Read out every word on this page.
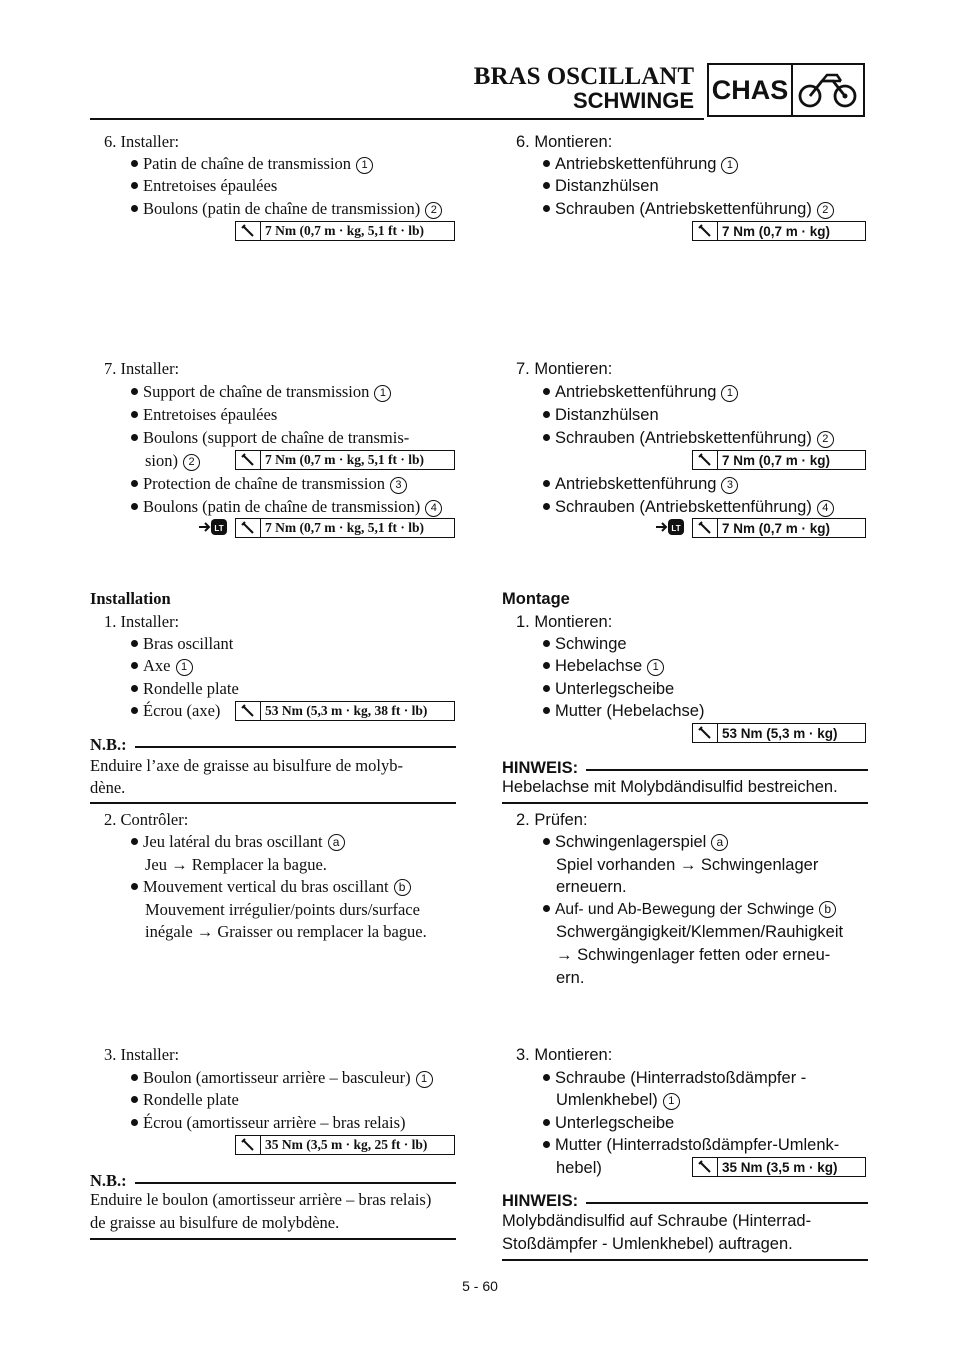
BRAS OSCILLANT
SCHWINGE CHAS
6. Installer:
Patin de chaîne de transmission 1
Entretoises épaulées
Boulons (patin de chaîne de transmission) 2
7 Nm (0,7 m · kg, 5,1 ft · lb)
7. Installer:
Support de chaîne de transmission 1
Entretoises épaulées
Boulons (support de chaîne de transmis-
sion) 2	7 Nm (0,7 m · kg, 5,1 ft · lb)
Protection de chaîne de transmission 3
Boulons (patin de chaîne de transmission) 4
LT	7 Nm (0,7 m · kg, 5,1 ft · lb)
Installation
1. Installer:
Bras oscillant
Axe 1
Rondelle plate
Écrou (axe)	53 Nm (5,3 m · kg, 38 ft · lb)
N.B.:
Enduire l’axe de graisse au bisulfure de molyb-
dène.
2. Contrôler:
Jeu latéral du bras oscillant a
Jeu → Remplacer la bague.
Mouvement vertical du bras oscillant b
Mouvement irrégulier/points durs/surface
inégale → Graisser ou remplacer la bague.
3. Installer:
Boulon (amortisseur arrière – basculeur) 1
Rondelle plate
Écrou (amortisseur arrière – bras relais)
35 Nm (3,5 m · kg, 25 ft · lb)
N.B.:
Enduire le boulon (amortisseur arrière – bras relais)
de graisse au bisulfure de molybdène.
6. Montieren:
Antriebskettenführung 1
Distanzhülsen
Schrauben (Antriebskettenführung) 2
7 Nm (0,7 m · kg)
7. Montieren:
Antriebskettenführung 1
Distanzhülsen
Schrauben (Antriebskettenführung) 2
7 Nm (0,7 m · kg)
Antriebskettenführung 3
Schrauben (Antriebskettenführung) 4
LT	7 Nm (0,7 m · kg)
Montage
1. Montieren:
Schwinge
Hebelachse 1
Unterlegscheibe
Mutter (Hebelachse)
53 Nm (5,3 m · kg)
HINWEIS:
Hebelachse mit Molybdändisulfid bestreichen.
2. Prüfen:
Schwingenlagerspiel a
Spiel vorhanden → Schwingenlager
erneuern.
Auf- und Ab-Bewegung der Schwinge b
Schwergängigkeit/Klemmen/Rauhigkeit
→ Schwingenlager fetten oder erneu-
ern.
3. Montieren:
Schraube (Hinterradstoßdämpfer -
Umlenkhebel) 1
Unterlegscheibe
Mutter (Hinterradstoßdämpfer-Umlenk-
hebel)	35 Nm (3,5 m · kg)
HINWEIS:
Molybdändisulfid auf Schraube (Hinterrad-
Stoßdämpfer - Umlenkhebel) auftragen.
5 - 60
